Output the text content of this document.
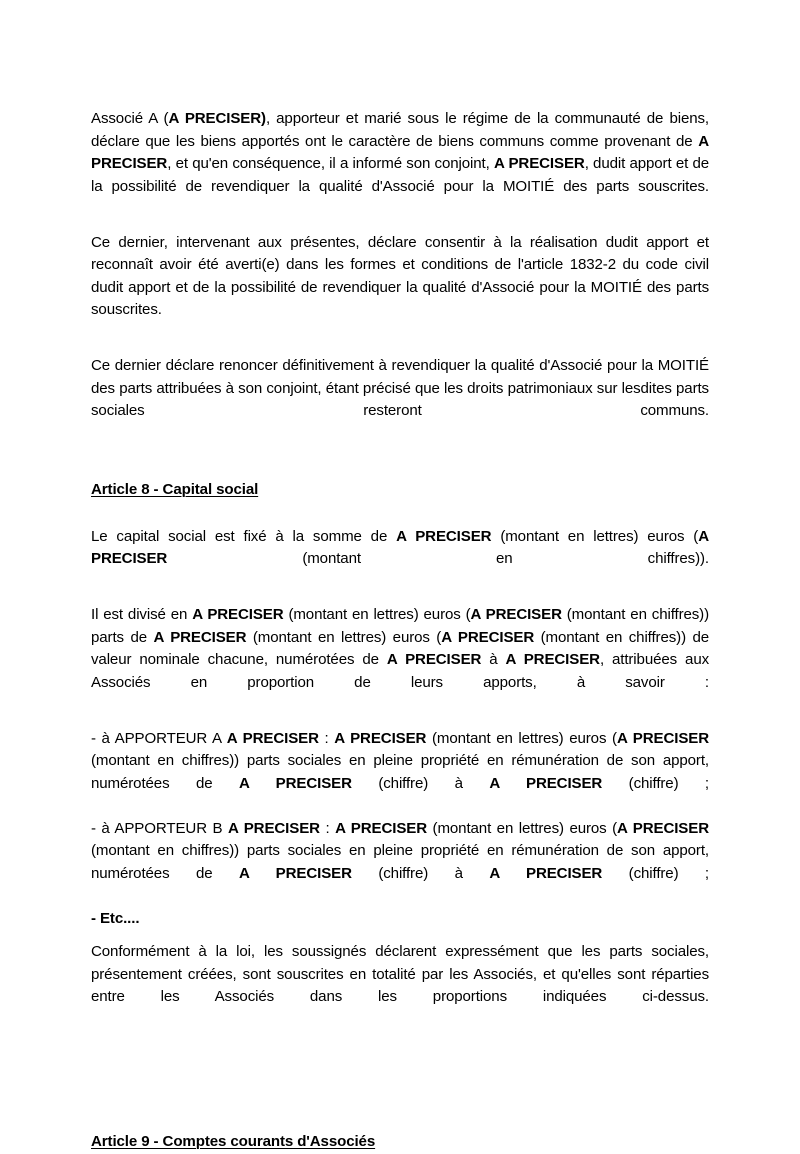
Associé A (A PRECISER), apporteur et marié sous le régime de la communauté de biens, déclare que les biens apportés ont le caractère de biens communs comme provenant de A PRECISER, et qu'en conséquence, il a informé son conjoint, A PRECISER, dudit apport et de la possibilité de revendiquer la qualité d'Associé pour la MOITIÉ des parts souscrites.

Ce dernier, intervenant aux présentes, déclare consentir à la réalisation dudit apport et reconnaît avoir été averti(e) dans les formes et conditions de l'article 1832-2 du code civil dudit apport et de la possibilité de revendiquer la qualité d'Associé pour la MOITIÉ des parts souscrites.

Ce dernier déclare renoncer définitivement à revendiquer la qualité d'Associé pour la MOITIÉ des parts attribuées à son conjoint, étant précisé que les droits patrimoniaux sur lesdites parts sociales resteront communs.

Article 8 - Capital social

Le capital social est fixé à la somme de A PRECISER (montant en lettres) euros (A PRECISER (montant en chiffres)).

Il est divisé en A PRECISER (montant en lettres) euros (A PRECISER (montant en chiffres)) parts de A PRECISER (montant en lettres) euros (A PRECISER (montant en chiffres)) de valeur nominale chacune, numérotées de A PRECISER à A PRECISER, attribuées aux Associés en proportion de leurs apports, à savoir :

- à APPORTEUR A A PRECISER : A PRECISER (montant en lettres) euros (A PRECISER (montant en chiffres)) parts sociales en pleine propriété en rémunération de son apport, numérotées de A PRECISER (chiffre) à A PRECISER (chiffre) ;

- à APPORTEUR B A PRECISER : A PRECISER (montant en lettres) euros (A PRECISER (montant en chiffres)) parts sociales en pleine propriété en rémunération de son apport, numérotées de A PRECISER (chiffre) à A PRECISER (chiffre) ;

- Etc....

Conformément à la loi, les soussignés déclarent expressément que les parts sociales, présentement créées, sont souscrites en totalité par les Associés, et qu'elles sont réparties entre les Associés dans les proportions indiquées ci-dessus.

Article 9 - Comptes courants d'Associés
